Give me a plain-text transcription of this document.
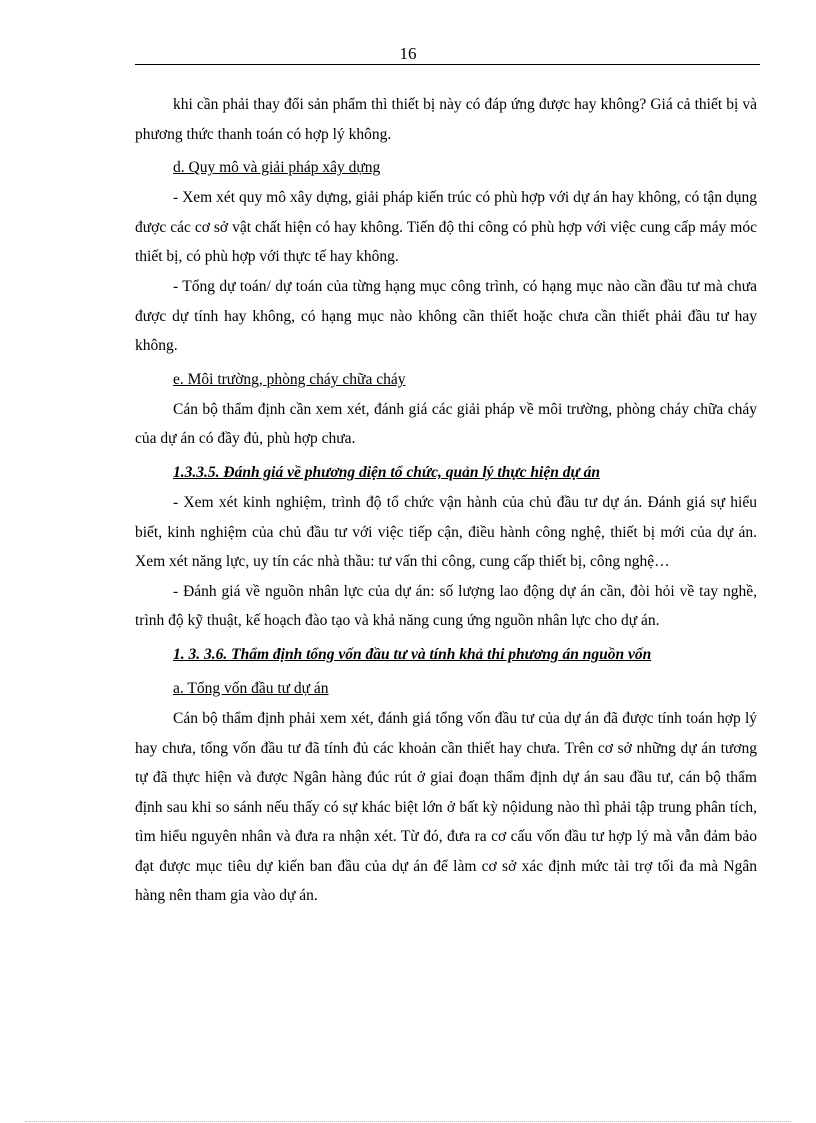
16

khi cần phải thay đổi sản phẩm thì thiết bị này có đáp ứng được hay không? Giá cả thiết bị và phương thức thanh toán có hợp lý không.

d. Quy mô và giải pháp xây dựng

- Xem xét quy mô xây dựng, giải pháp kiến trúc có phù hợp với dự án hay không, có tận dụng được các cơ sở vật chất hiện có hay không. Tiến độ thi công có phù hợp với việc cung cấp máy móc thiết bị, có phù hợp với thực tế hay không.

- Tổng dự toán/ dự toán của từng hạng mục công trình, có hạng mục nào cần đầu tư mà chưa được dự tính hay không, có hạng mục nào không cần thiết hoặc chưa cần thiết phải đầu tư hay không.

e. Môi trường, phòng cháy chữa cháy

Cán bộ thẩm định cần xem xét, đánh giá các giải pháp về môi trường, phòng cháy chữa cháy của dự án có đầy đủ, phù hợp chưa.

1.3.3.5. Đánh giá về phương diện tổ chức, quản lý thực hiện dự án

- Xem xét kinh nghiệm, trình độ tổ chức vận hành của chủ đầu tư dự án. Đánh giá sự hiểu biết, kinh nghiệm của chủ đầu tư với việc tiếp cận, điều hành công nghệ, thiết bị mới của dự án. Xem xét năng lực, uy tín các nhà thầu: tư vấn thi công, cung cấp thiết bị, công nghệ…

- Đánh giá về nguồn nhân lực của dự án: số lượng lao động dự án cần, đòi hỏi về tay nghề, trình độ kỹ thuật, kế hoạch đào tạo và khả năng cung ứng nguồn nhân lực cho dự án.

1. 3. 3.6. Thẩm định tổng vốn đầu tư và tính khả thi phương án nguồn vốn

a. Tổng vốn đầu tư dự án

Cán bộ thẩm định phải xem xét, đánh giá tổng vốn đầu tư của dự án đã được tính toán hợp lý hay chưa, tổng vốn đầu tư đã tính đủ các khoản cần thiết hay chưa. Trên cơ sở những dự án tương tự đã thực hiện và được Ngân hàng đúc rút ở giai đoạn thẩm định dự án sau đầu tư, cán bộ thẩm định sau khi so sánh nếu thấy có sự khác biệt lớn ở bất kỳ nộidung nào thì phải tập trung phân tích, tìm hiểu nguyên nhân và đưa ra nhận xét. Từ đó, đưa ra cơ cấu vốn đầu tư hợp lý mà vẫn đảm bảo đạt được mục tiêu dự kiến ban đầu của dự án để làm cơ sở xác định mức tài trợ tối đa mà Ngân hàng nên tham gia vào dự án.
